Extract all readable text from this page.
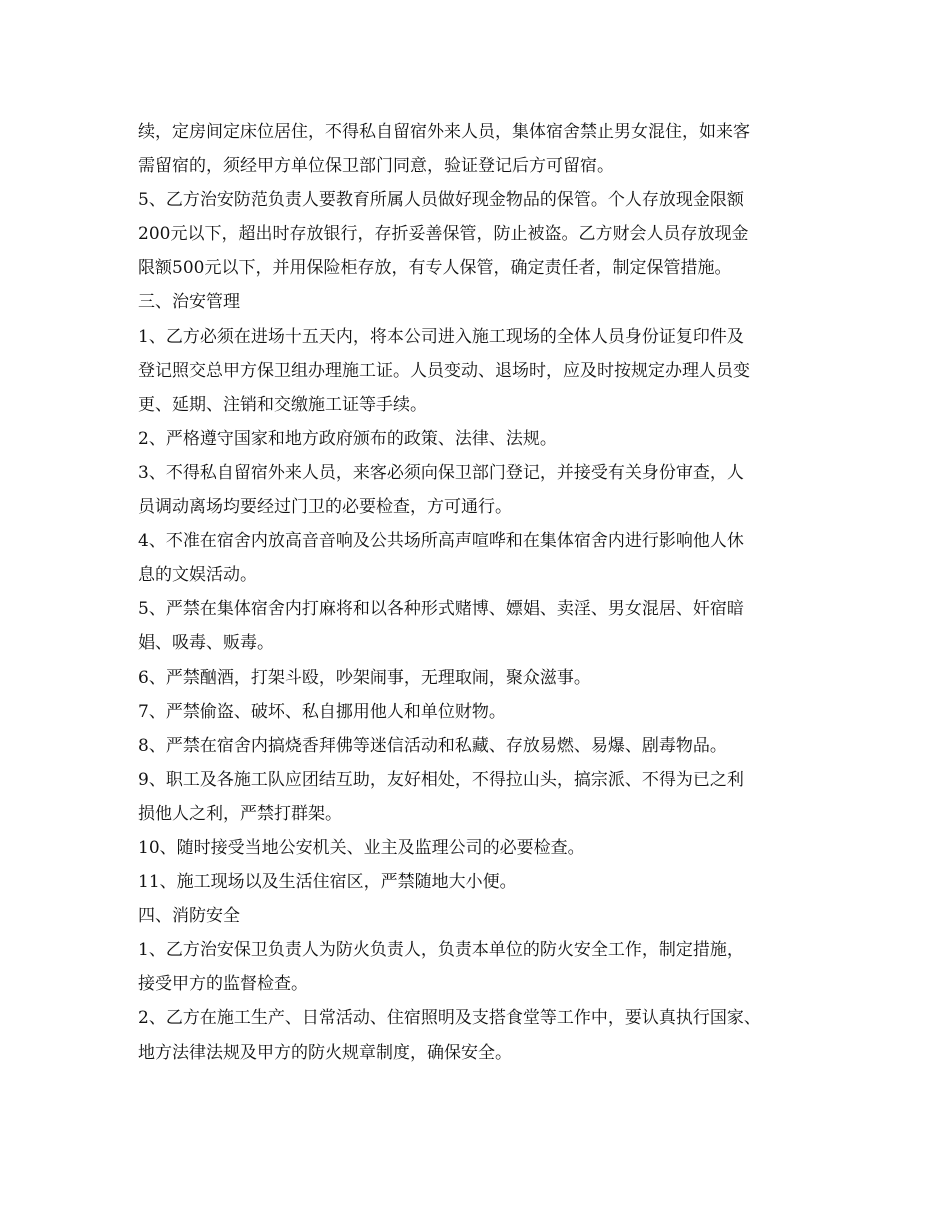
续，定房间定床位居住，不得私自留宿外来人员，集体宿舍禁止男女混住，如来客

需留宿的，须经甲方单位保卫部门同意，验证登记后方可留宿。

5、乙方治安防范负责人要教育所属人员做好现金物品的保管。个人存放现金限额

200元以下，超出时存放银行，存折妥善保管，防止被盗。乙方财会人员存放现金

限额500元以下，并用保险柜存放，有专人保管，确定责任者，制定保管措施。

三、治安管理

1、乙方必须在进场十五天内，将本公司进入施工现场的全体人员身份证复印件及

登记照交总甲方保卫组办理施工证。人员变动、退场时，应及时按规定办理人员变

更、延期、注销和交缴施工证等手续。

2、严格遵守国家和地方政府颁布的政策、法律、法规。

3、不得私自留宿外来人员，来客必须向保卫部门登记，并接受有关身份审查，人

员调动离场均要经过门卫的必要检查，方可通行。

4、不准在宿舍内放高音音响及公共场所高声喧哗和在集体宿舍内进行影响他人休

息的文娱活动。

5、严禁在集体宿舍内打麻将和以各种形式赌博、嫖娼、卖淫、男女混居、奸宿暗

娼、吸毒、贩毒。

6、严禁酗酒，打架斗殴，吵架闹事，无理取闹，聚众滋事。

7、严禁偷盗、破坏、私自挪用他人和单位财物。

8、严禁在宿舍内搞烧香拜佛等迷信活动和私藏、存放易燃、易爆、剧毒物品。

9、职工及各施工队应团结互助，友好相处，不得拉山头，搞宗派、不得为已之利

损他人之利，严禁打群架。

10、随时接受当地公安机关、业主及监理公司的必要检查。

11、施工现场以及生活住宿区，严禁随地大小便。

四、消防安全

1、乙方治安保卫负责人为防火负责人，负责本单位的防火安全工作，制定措施，

接受甲方的监督检查。

2、乙方在施工生产、日常活动、住宿照明及支搭食堂等工作中，要认真执行国家、

地方法律法规及甲方的防火规章制度，确保安全。
